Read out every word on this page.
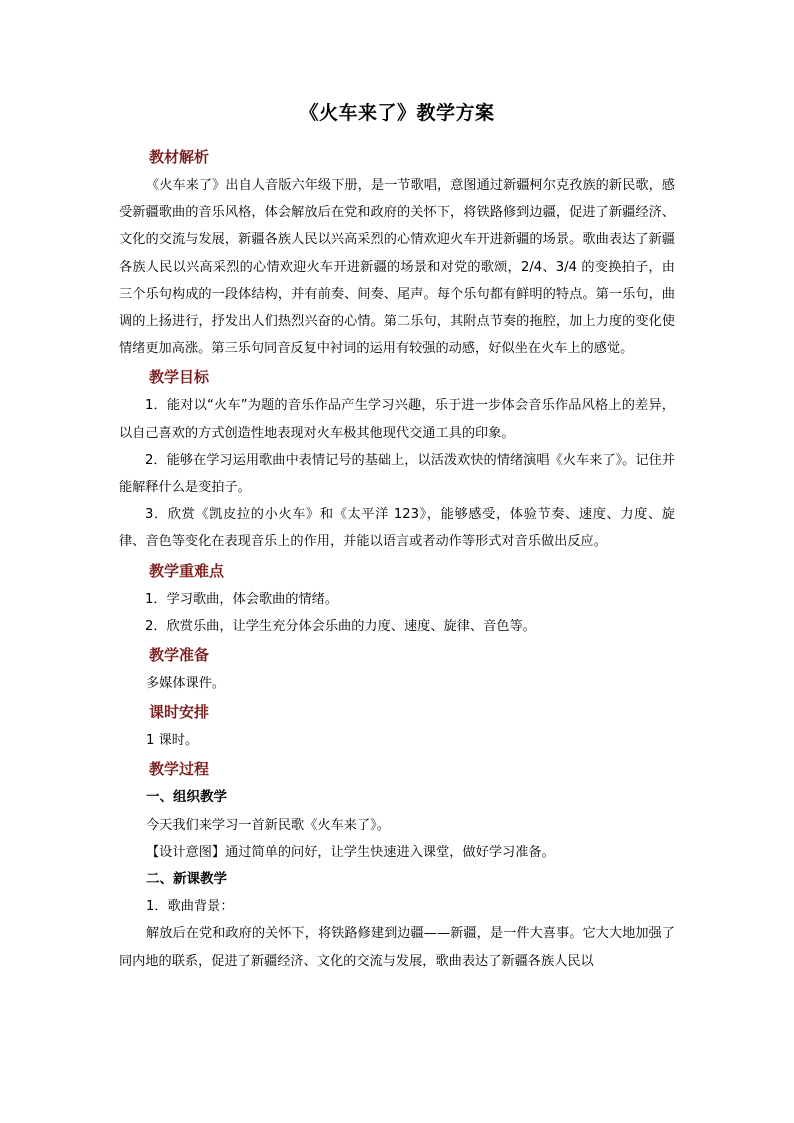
《火车来了》教学方案
教材解析

《火车来了》出自人音版六年级下册，是一节歌唱，意图通过新疆柯尔克孜族的新民歌，感受新疆歌曲的音乐风格，体会解放后在党和政府的关怀下，将铁路修到边疆，促进了新疆经济、文化的交流与发展，新疆各族人民以兴高采烈的心情欢迎火车开进新疆的场景。歌曲表达了新疆各族人民以兴高采烈的心情欢迎火车开进新疆的场景和对党的歌颂，2/4、3/4 的变换拍子，由三个乐句构成的一段体结构，并有前奏、间奏、尾声。每个乐句都有鲜明的特点。第一乐句，曲调的上扬进行，抒发出人们热烈兴奋的心情。第二乐句，其附点节奏的拖腔，加上力度的变化使情绪更加高涨。第三乐句同音反复中衬词的运用有较强的动感，好似坐在火车上的感觉。

教学目标

1．能对以“火车”为题的音乐作品产生学习兴趣，乐于进一步体会音乐作品风格上的差异，以自己喜欢的方式创造性地表现对火车极其他现代交通工具的印象。

2．能够在学习运用歌曲中表情记号的基础上，以活泼欢快的情绪演唱《火车来了》。记住并能解释什么是变拍子。

3．欣赏《凯皮拉的小火车》和《太平洋 123》，能够感受，体验节奏、速度、力度、旋律、音色等变化在表现音乐上的作用，并能以语言或者动作等形式对音乐做出反应。

教学重难点

1．学习歌曲，体会歌曲的情绪。

2．欣赏乐曲，让学生充分体会乐曲的力度、速度、旋律、音色等。

教学准备

多媒体课件。

课时安排

1 课时。

教学过程
一、组织教学

今天我们来学习一首新民歌《火车来了》。

【设计意图】通过简单的问好，让学生快速进入课堂，做好学习准备。

二、新课教学

1．歌曲背景：

解放后在党和政府的关怀下，将铁路修建到边疆——新疆，是一件大喜事。它大大地加强了同内地的联系，促进了新疆经济、文化的交流与发展，歌曲表达了新疆各族人民以
